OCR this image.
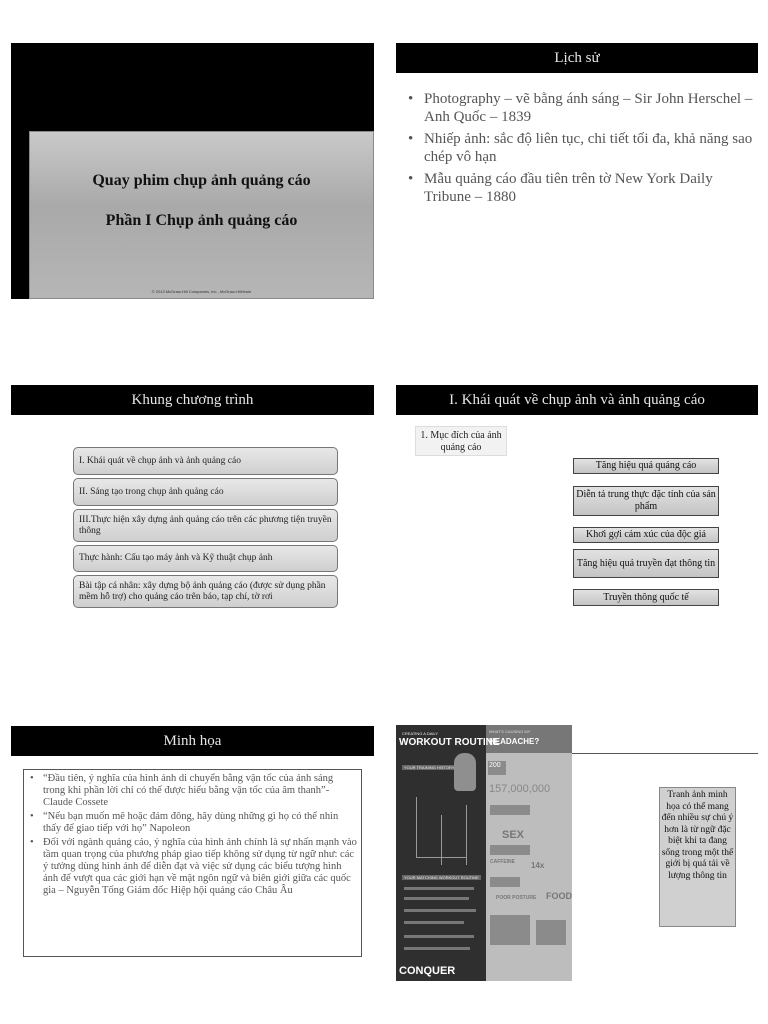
Quay phim chụp ảnh quảng cáo
Phần I Chụp ảnh quảng cáo
© 2013 McGraw-Hill Companies, Inc., McGraw-Hill/Irwin
Lịch sử
• Photography – vẽ bằng ánh sáng – Sir John Herschel – Anh Quốc – 1839
• Nhiếp ảnh: sắc độ liên tục, chi tiết tối đa, khả năng sao chép vô hạn
• Mẫu quảng cáo đầu tiên trên tờ New York Daily Tribune – 1880
Khung chương trình
I. Khái quát về chụp ảnh và ảnh quảng cáo
II. Sáng tạo trong chụp ảnh quảng cáo
III.Thực hiện xây dựng ảnh quảng cáo trên các phương tiện truyền thông
Thực hành: Cấu tạo máy ảnh và Kỹ thuật chụp ảnh
Bài tập cá nhân: xây dựng bộ ảnh quảng cáo (được sử dụng phần mềm hỗ trợ) cho quảng cáo trên báo, tạp chí, tờ rơi
I. Khái quát về chụp ảnh và ảnh quảng cáo
1. Mục đích của ảnh quảng cáo
Tăng hiệu quả quảng cáo
Diễn tả trung thực đặc tính của sản phẩm
Khơi gợi cảm xúc của độc giả
Tăng hiệu quả truyền đạt thông tin
Truyền thông quốc tế
Minh họa
• “Đầu tiên, ý nghĩa của hình ảnh di chuyển bằng vận tốc của ánh sáng trong khi phần lời chỉ có thể được hiểu bằng vận tốc của âm thanh”- Claude Cossete
• “Nếu bạn muốn mê hoặc đám đông, hãy dùng những gì họ có thể nhìn thấy để giao tiếp với họ” Napoleon
• Đối với ngành quảng cáo, ý nghĩa của hình ảnh chính là sự nhấn mạnh vào tầm quan trọng của phương pháp giao tiếp không sử dụng từ ngữ như: các ý tưởng dùng hình ảnh để diễn đạt và việc sử dụng các biểu tượng hình ảnh để vượt qua các giới hạn về mặt ngôn ngữ và biên giới giữa các quốc gia – Nguyễn Tống Giám đốc Hiệp hội quảng cáo Châu Âu
CREATING A DAILY
WORKOUT ROUTINE
YOUR TRAINING HISTORY
YOUR MATCHING WORKOUT ROUTINE
CONQUER
WHAT'S CAUSING MY
HEADACHE?
200
157,000,000
SEX
CAFFEINE 14x
POOR POSTURE FOOD
Tranh ảnh minh họa có thể mang đến nhiều sự chú ý hơn là từ ngữ đặc biệt khi ta đang sống trong một thế giới bị quá tải về lượng thông tin
